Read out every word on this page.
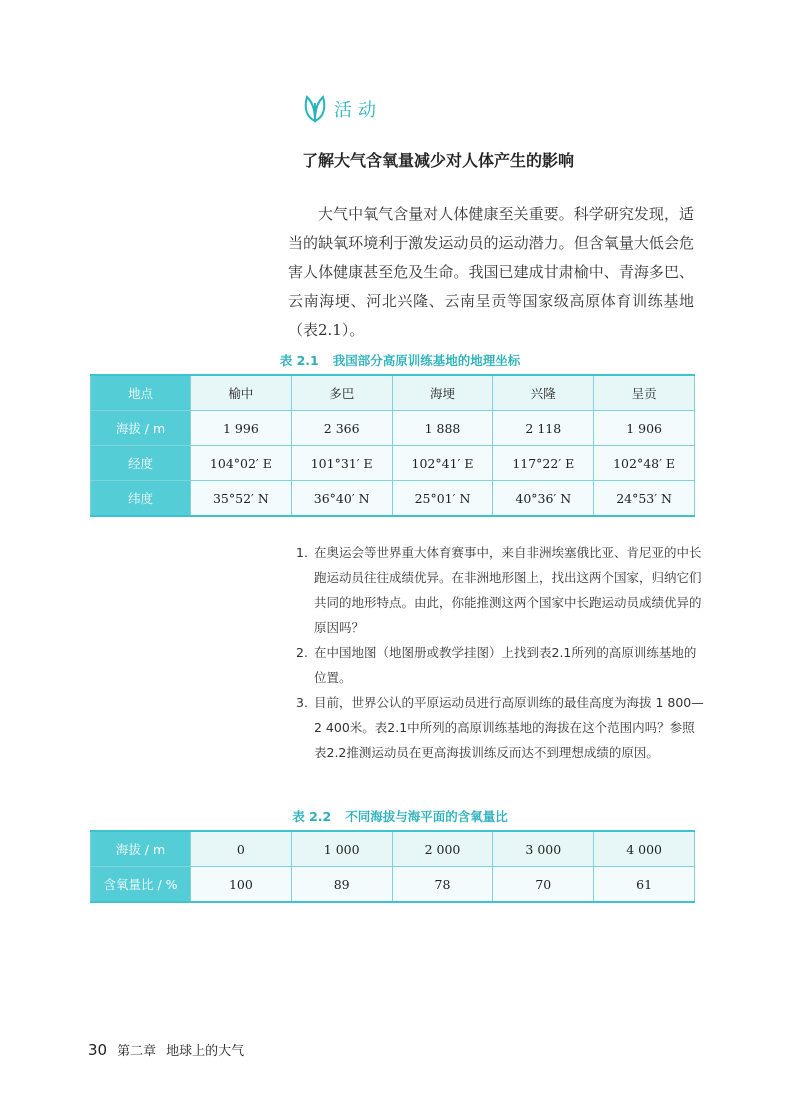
活动
了解大气含氧量减少对人体产生的影响

大气中氧气含量对人体健康至关重要。科学研究发现，适当的缺氧环境利于激发运动员的运动潜力。但含氧量大低会危害人体健康甚至危及生命。我国已建成甘肃榆中、青海多巴、云南海埂、河北兴隆、云南呈贡等国家级高原体育训练基地（表2.1）。

表 2.1 我国部分高原训练基地的地理坐标
地点	榆中	多巴	海埂	兴隆	呈贡
海拔 / m	1 996	2 366	1 888	2 118	1 906
经度	104°02′ E	101°31′ E	102°41′ E	117°22′ E	102°48′ E
纬度	35°52′ N	36°40′ N	25°01′ N	40°36′ N	24°53′ N

1. 在奥运会等世界重大体育赛事中，来自非洲埃塞俄比亚、肯尼亚的中长跑运动员往往成绩优异。在非洲地形图上，找出这两个国家，归纳它们共同的地形特点。由此，你能推测这两个国家中长跑运动员成绩优异的原因吗？

2. 在中国地图（地图册或教学挂图）上找到表2.1所列的高原训练基地的位置。

3. 目前，世界公认的平原运动员进行高原训练的最佳高度为海拔 1 800—2 400米。表2.1中所列的高原训练基地的海拔在这个范围内吗？参照表2.2推测运动员在更高海拔训练反而达不到理想成绩的原因。

表 2.2 不同海拔与海平面的含氧量比
海拔 / m	0	1 000	2 000	3 000	4 000
含氧量比 / %	100	89	78	70	61
30 第二章 地球上的大气
